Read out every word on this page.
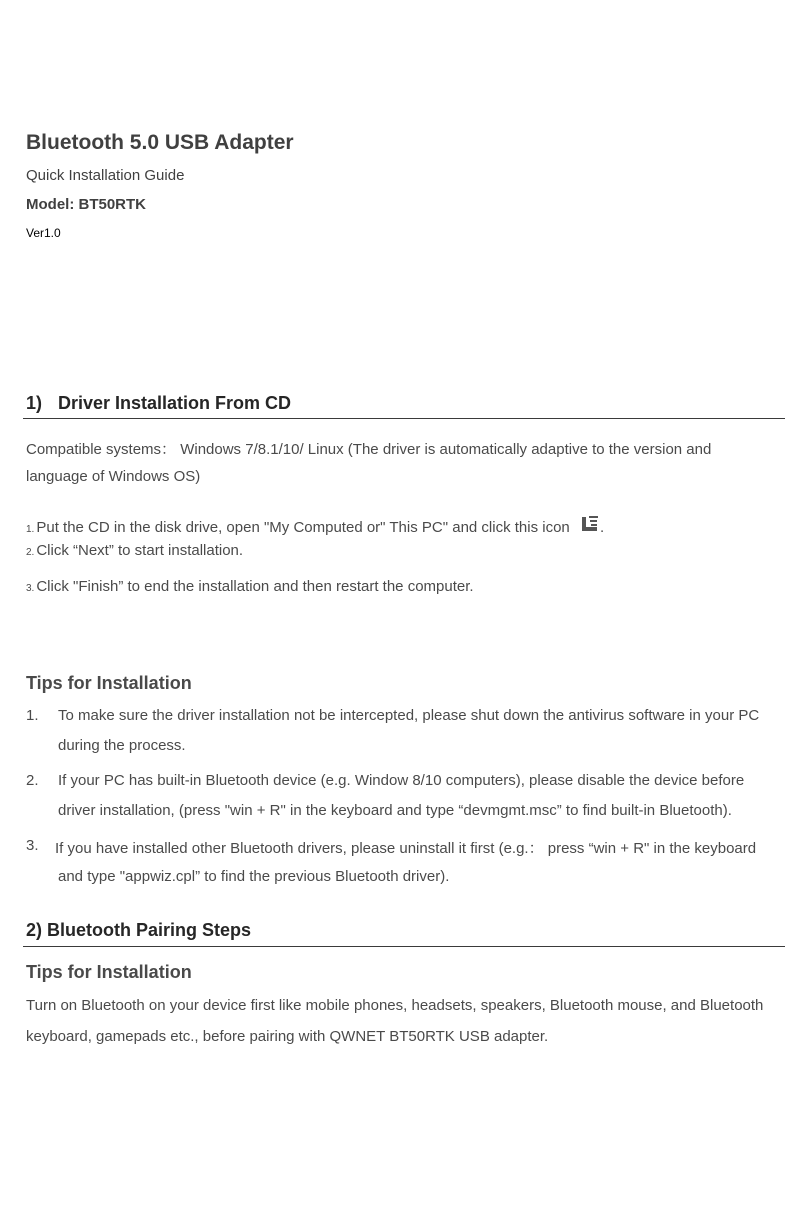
Bluetooth 5.0 USB Adapter
Quick Installation Guide
Model: BT50RTK
Ver1.0
1) Driver Installation From CD
Compatible systems： Windows 7/8.1/10/ Linux (The driver is automatically adaptive to the version and
language of Windows OS)
1. Put the CD in the disk drive, open "My Computed or" This PC" and click this icon .
2. Click “Next” to start installation.
3. Click "Finish” to end the installation and then restart the computer.
Tips for Installation
1. To make sure the driver installation not be intercepted, please shut down the antivirus software in your PC
during the process.
2. If your PC has built-in Bluetooth device (e.g. Window 8/10 computers), please disable the device before
driver installation, (press "win + R" in the keyboard and type “devmgmt.msc” to find built-in Bluetooth).
3. If you have installed other Bluetooth drivers, please uninstall it first (e.g.： press “win + R" in the keyboard
and type "appwiz.cpl” to find the previous Bluetooth driver).
2) Bluetooth Pairing Steps
Tips for Installation
Turn on Bluetooth on your device first like mobile phones, headsets, speakers, Bluetooth mouse, and Bluetooth
keyboard, gamepads etc., before pairing with QWNET BT50RTK USB adapter.
